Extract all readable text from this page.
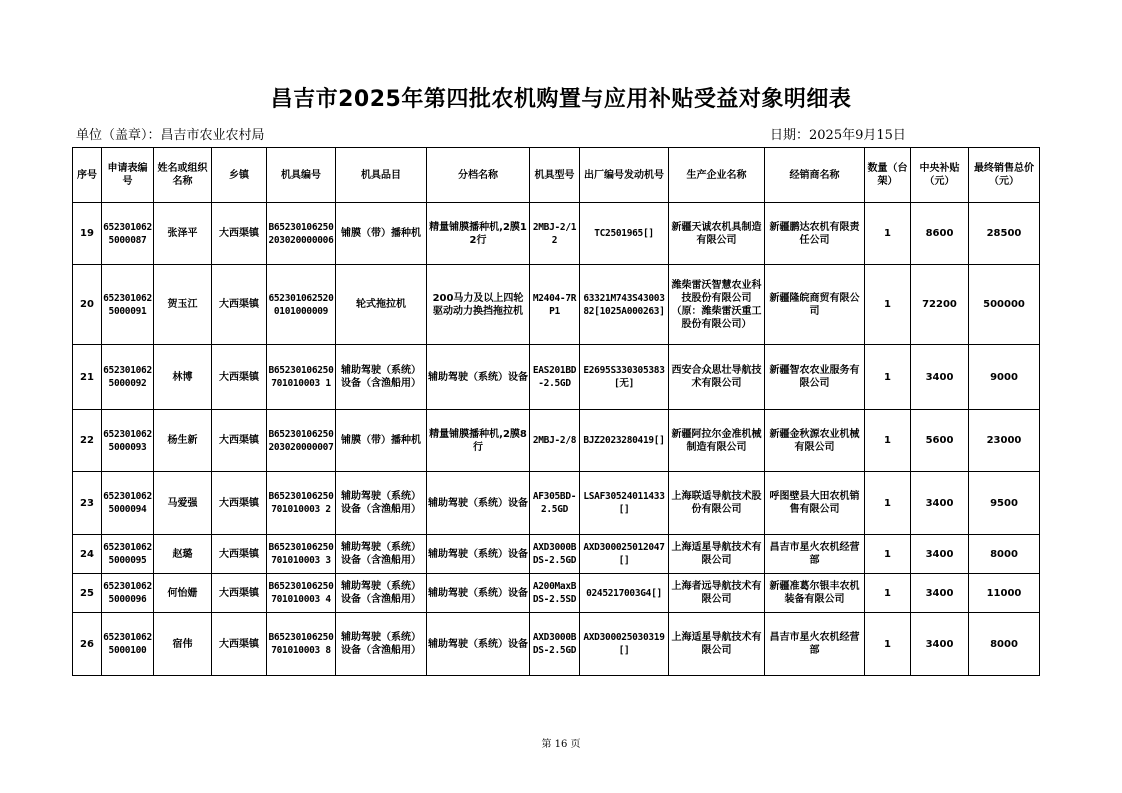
昌吉市2025年第四批农机购置与应用补贴受益对象明细表
单位（盖章）：昌吉市农业农村局	日期：2025年9月15日
序号	申请表编号	姓名或组织名称	乡镇	机具编号	机具品目	分档名称	机具型号	出厂编号发动机号	生产企业名称	经销商名称	数量（台架）	中央补贴（元）	最终销售总价（元）
19	6523010625000087	张泽平	大西渠镇	B65230106250203020000006	铺膜（带）播种机	精量铺膜播种机,2膜12行	2MBJ-2/12	TC2501965[]	新疆天诚农机具制造有限公司	新疆鹏达农机有限责任公司	1	8600	28500
20	6523010625000091	贺玉江	大西渠镇	6523010625200101000009	轮式拖拉机	200马力及以上四轮驱动动力换挡拖拉机	M2404-7RP1	63321M743S4300382[1025A000263]	潍柴雷沃智慧农业科技股份有限公司（原：潍柴雷沃重工股份有限公司）	新疆隆皖商贸有限公司	1	72200	500000
21	6523010625000092	林博	大西渠镇	B65230106250701010003 1	辅助驾驶（系统）设备（含渔船用）	辅助驾驶（系统）设备	EAS201BD-2.5GD	E2695S330305383[无]	西安合众思壮导航技术有限公司	新疆智农农业服务有限公司	1	3400	9000
22	6523010625000093	杨生新	大西渠镇	B65230106250203020000007	铺膜（带）播种机	精量铺膜播种机,2膜8行	2MBJ-2/8	BJZ2023280419[]	新疆阿拉尔金准机械制造有限公司	新疆金秋源农业机械有限公司	1	5600	23000
23	6523010625000094	马爱强	大西渠镇	B65230106250701010003 2	辅助驾驶（系统）设备（含渔船用）	辅助驾驶（系统）设备	AF305BD-2.5GD	LSAF30524011433[]	上海联适导航技术股份有限公司	呼图壁县大田农机销售有限公司	1	3400	9500
24	6523010625000095	赵璐	大西渠镇	B65230106250701010003 3	辅助驾驶（系统）设备（含渔船用）	辅助驾驶（系统）设备	AXD3000BDS-2.5GD	AXD300025012047[]	上海适星导航技术有限公司	昌吉市星火农机经营部	1	3400	8000
25	6523010625000096	何怡姗	大西渠镇	B65230106250701010003 4	辅助驾驶（系统）设备（含渔船用）	辅助驾驶（系统）设备	A200MaxBDS-2.5SD	0245217003G4[]	上海者远导航技术有限公司	新疆准葛尔银丰农机装备有限公司	1	3400	11000
26	6523010625000100	宿伟	大西渠镇	B65230106250701010003 8	辅助驾驶（系统）设备（含渔船用）	辅助驾驶（系统）设备	AXD3000BDS-2.5GD	AXD300025030319[]	上海适星导航技术有限公司	昌吉市星火农机经营部	1	3400	8000
第 16 页
